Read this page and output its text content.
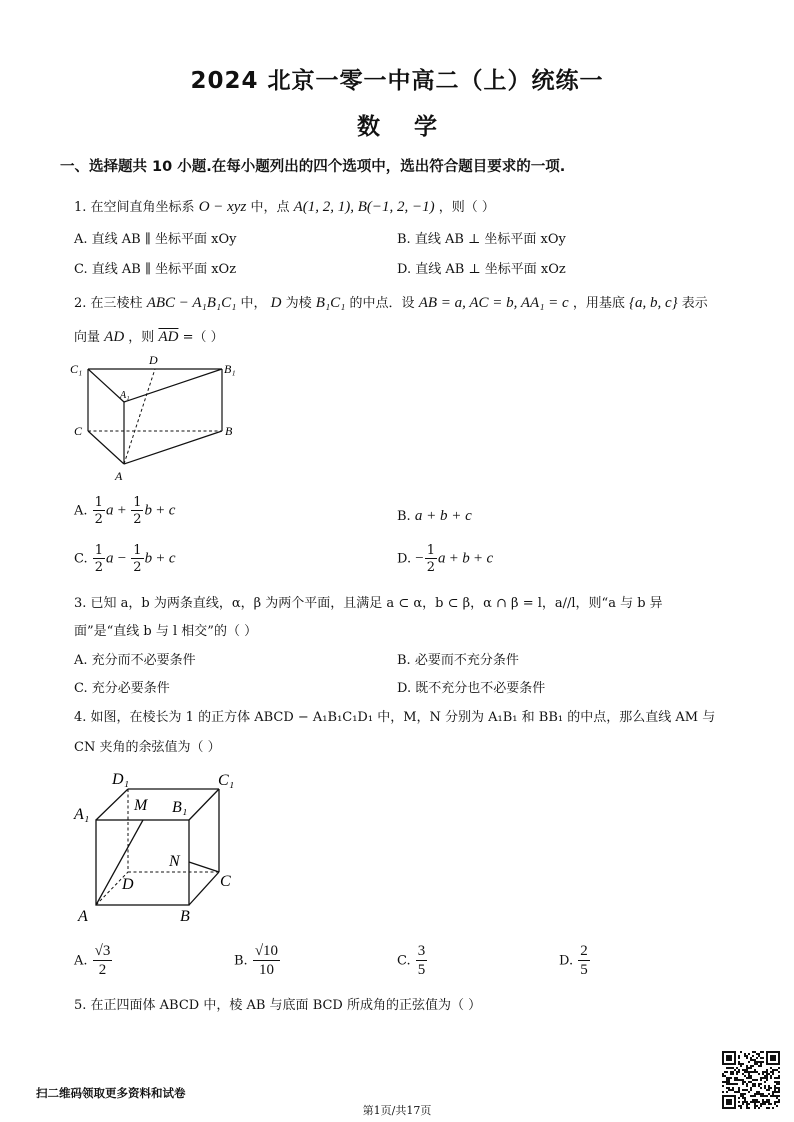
2024 北京一零一中高二（上）统练一
数学
一、选择题共 10 小题.在每小题列出的四个选项中，选出符合题目要求的一项.
1. 在空间直角坐标系 O − xyz 中，点 A(1, 2, 1), B(−1, 2, −1) ，则（ ）
A. 直线 AB ∥ 坐标平面 xOy	B. 直线 AB ⊥ 坐标平面 xOy
C. 直线 AB ∥ 坐标平面 xOz	D. 直线 AB ⊥ 坐标平面 xOz
2. 在三棱柱 ABC − A₁B₁C₁ 中， D 为棱 B₁C₁ 的中点．设 AB = a, AC = b, AA₁ = c ，用基底 {a, b, c} 表示
向量 AD ，则 $\overline{AD}$ =（ ）
C₁
D
B₁
A₁
C	B
A
A. $\frac{1}{2}$ $a + \frac{1}{2}$ b + c	B. a + b + c
C. $\frac{1}{2}$ $a - \frac{1}{2}$ b + c	D. − $\frac{1}{2}$ a + b + c
3. 已知 a，b 为两条直线，α，β 为两个平面，且满足 a ⊂ α，b ⊂ β，α ∩ β = l，a//l，则“a 与 b 异
面”是“直线 b 与 l 相交”的（ ）
A. 充分而不必要条件	B. 必要而不充分条件
C. 充分必要条件	D. 既不充分也不必要条件
4. 如图，在棱长为 1 的正方体 ABCD − A₁B₁C₁D₁ 中，M，N 分别为 A₁B₁ 和 BB₁ 的中点，那么直线 AM 与
CN 夹角的余弦值为（ ）
D₁	C₁
A₁
M B₁
N
D	C
A	B
A. $\frac{√3}{2}$	B. $\frac{√10}{10}$	C. $\frac{3}{5}$	D. $\frac{2}{5}$
5. 在正四面体 ABCD 中，棱 AB 与底面 BCD 所成角的正弦值为（ ）
扫二维码领取更多资料和试卷
第1页/共17页
